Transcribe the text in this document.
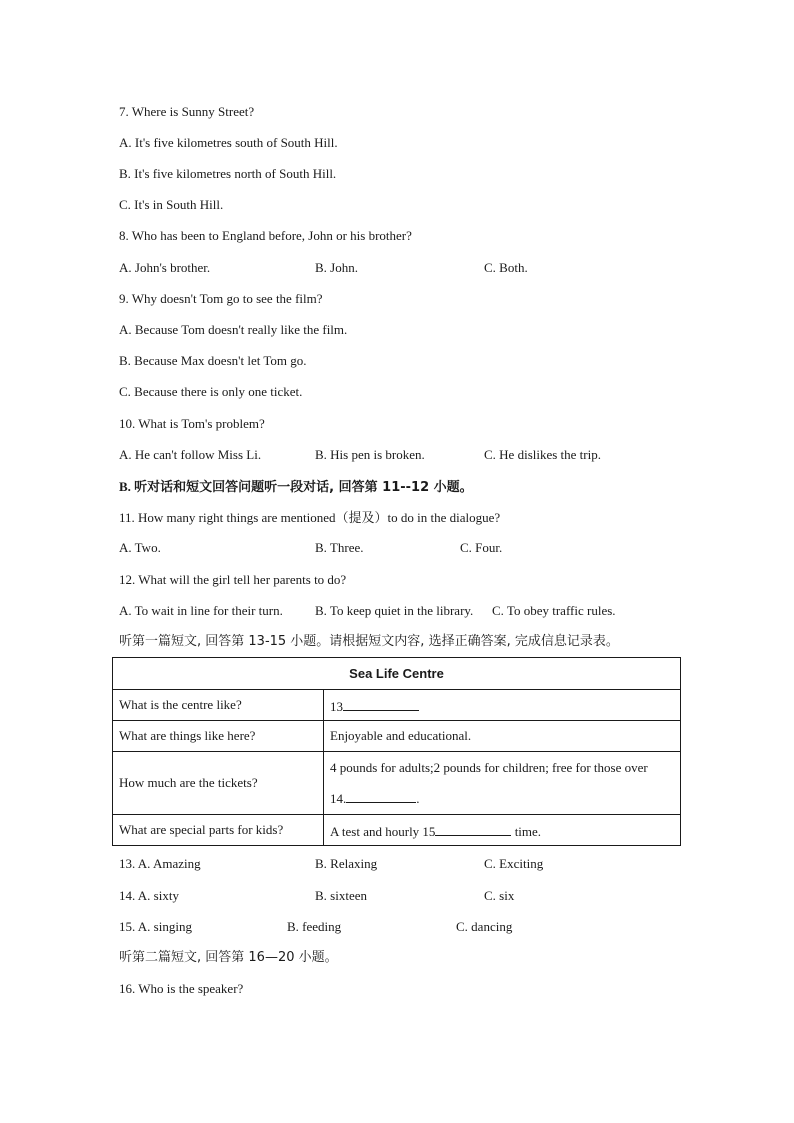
7. Where is Sunny Street?
A. It's five kilometres south of South Hill.
B. It's five kilometres north of South Hill.
C. It's in South Hill.
8. Who has been to England before, John or his brother?
A. John's brother.	B. John.	C. Both.
9. Why doesn't Tom go to see the film?
A. Because Tom doesn't really like the film.
B. Because Max doesn't let Tom go.
C. Because there is only one ticket.
10. What is Tom's problem?
A. He can't follow Miss Li.	B. His pen is broken.	C. He dislikes the trip.
B. 听对话和短文回答问题听一段对话, 回答第 11--12 小题。
11. How many right things are mentioned（提及）to do in the dialogue?
A. Two.	B. Three.	C. Four.
12. What will the girl tell her parents to do?
A. To wait in line for their turn. B. To keep quiet in the library. C. To obey traffic rules.
听第一篇短文, 回答第 13-15 小题。请根据短文内容, 选择正确答案, 完成信息记录表。
Sea Life Centre	
What is the centre like?	13
What are things like here?	Enjoyable and educational.
How much are the tickets?	4 pounds for adults;2 pounds for children; free for those over
14. .

What are special parts for kids?	A test and hourly 15 time.
13. A. Amazing	B. Relaxing	C. Exciting
14. A. sixty	B. sixteen	C. six
15. A. singing	B. feeding	C. dancing
听第二篇短文, 回答第 16—20 小题。
16. Who is the speaker?
